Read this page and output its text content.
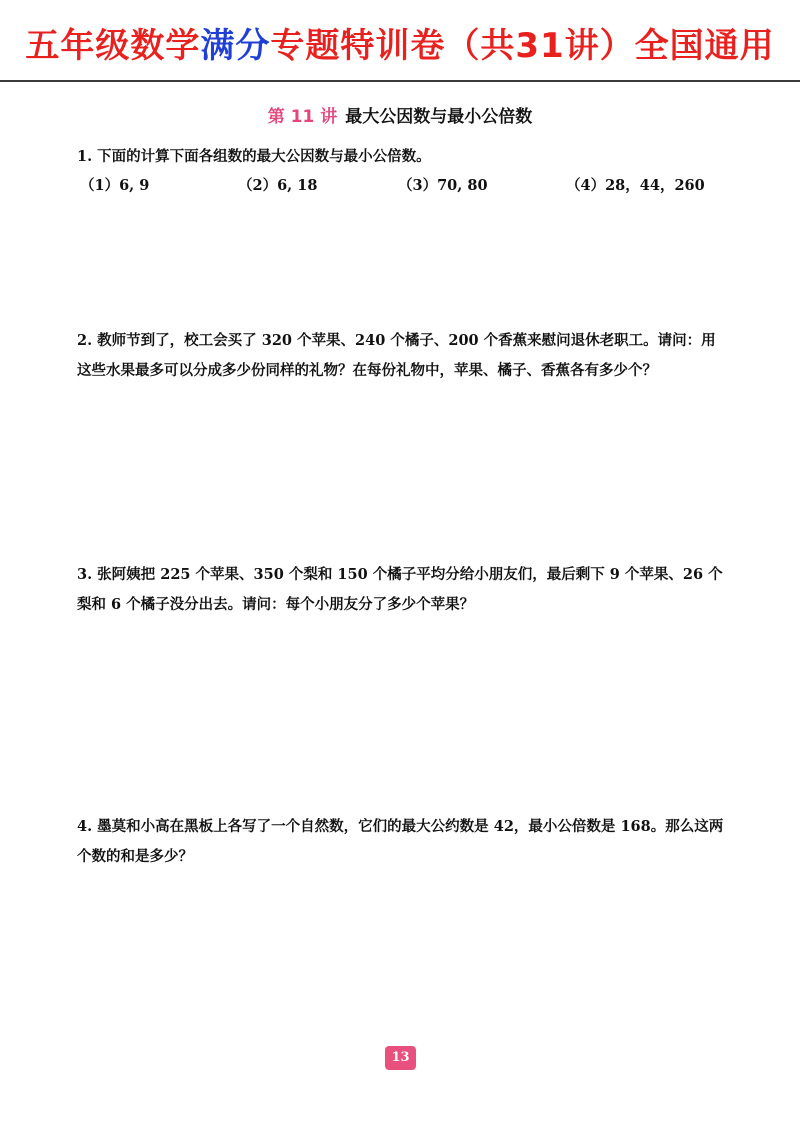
五年级数学满分专题特训卷（共31讲）全国通用
第 11 讲 最大公因数与最小公倍数
1. 下面的计算下面各组数的最大公因数与最小公倍数。
（1）6, 9	（2）6, 18	（3）70, 80	（4）28，44，260
2. 教师节到了，校工会买了 320 个苹果、240 个橘子、200 个香蕉来慰问退休老职工。请问：用这些水果最多可以分成多少份同样的礼物？在每份礼物中，苹果、橘子、香蕉各有多少个？
3. 张阿姨把 225 个苹果、350 个梨和 150 个橘子平均分给小朋友们，最后剩下 9 个苹果、26 个梨和 6 个橘子没分出去。请问：每个小朋友分了多少个苹果？
4. 墨莫和小高在黑板上各写了一个自然数，它们的最大公约数是 42，最小公倍数是 168。那么这两个数的和是多少？
13
